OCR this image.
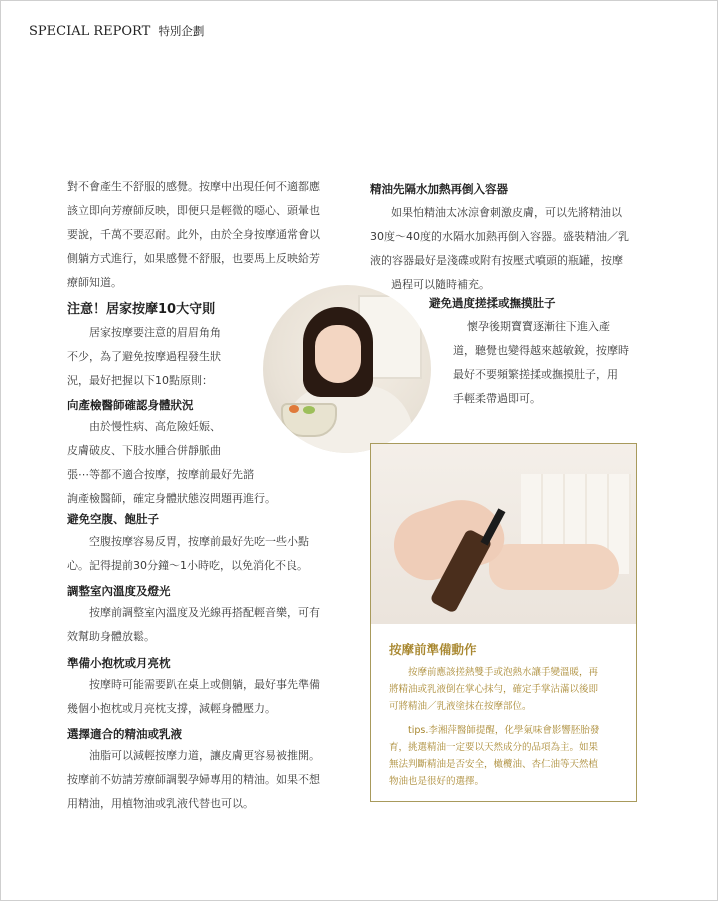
SPECIAL REPORT 特別企劃

對不會產生不舒服的感覺。按摩中出現任何不適都應

該立即向芳療師反映，即便只是輕微的噁心、頭暈也

要說，千萬不要忍耐。此外，由於全身按摩通常會以

側躺方式進行，如果感覺不舒服，也要馬上反映給芳

療師知道。

注意！居家按摩10大守則

居家按摩要注意的眉眉角角

不少，為了避免按摩過程發生狀

況，最好把握以下10點原則：

向產檢醫師確認身體狀況

由於慢性病、高危險妊娠、

皮膚破皮、下肢水腫合併靜脈曲

張⋯等都不適合按摩，按摩前最好先諮

詢產檢醫師，確定身體狀態沒問題再進行。

避免空腹、飽肚子

空腹按摩容易反胃，按摩前最好先吃一些小點

心。記得提前30分鐘～1小時吃，以免消化不良。

調整室內溫度及燈光

按摩前調整室內溫度及光線再搭配輕音樂，可有

效幫助身體放鬆。

準備小抱枕或月亮枕

按摩時可能需要趴在桌上或側躺，最好事先準備

幾個小抱枕或月亮枕支撐，減輕身體壓力。

選擇適合的精油或乳液

油脂可以減輕按摩力道，讓皮膚更容易被推開。

按摩前不妨請芳療師調製孕婦專用的精油。如果不想

用精油，用植物油或乳液代替也可以。

精油先隔水加熱再倒入容器

如果怕精油太冰涼會刺激皮膚，可以先將精油以

30度～40度的水隔水加熱再倒入容器。盛裝精油／乳

液的容器最好是淺碟或附有按壓式噴頭的瓶罐，按摩

過程可以隨時補充。

避免過度搓揉或撫摸肚子

懷孕後期寶寶逐漸往下進入產

道，聽覺也變得越來越敏銳，按摩時

最好不要頻繁搓揉或撫摸肚子，用

手輕柔帶過即可。

按摩前準備動作

按摩前應該搓熱雙手或泡熱水讓手變溫暖，再

將精油或乳液倒在掌心抹勻，確定手掌沾滿以後即

可將精油／乳液塗抹在按摩部位。

tips.李湘萍醫師提醒，化學氣味會影響胚胎發

育，挑選精油一定要以天然成分的品項為主。如果

無法判斷精油是否安全，橄欖油、杏仁油等天然植

物油也是很好的選擇。
